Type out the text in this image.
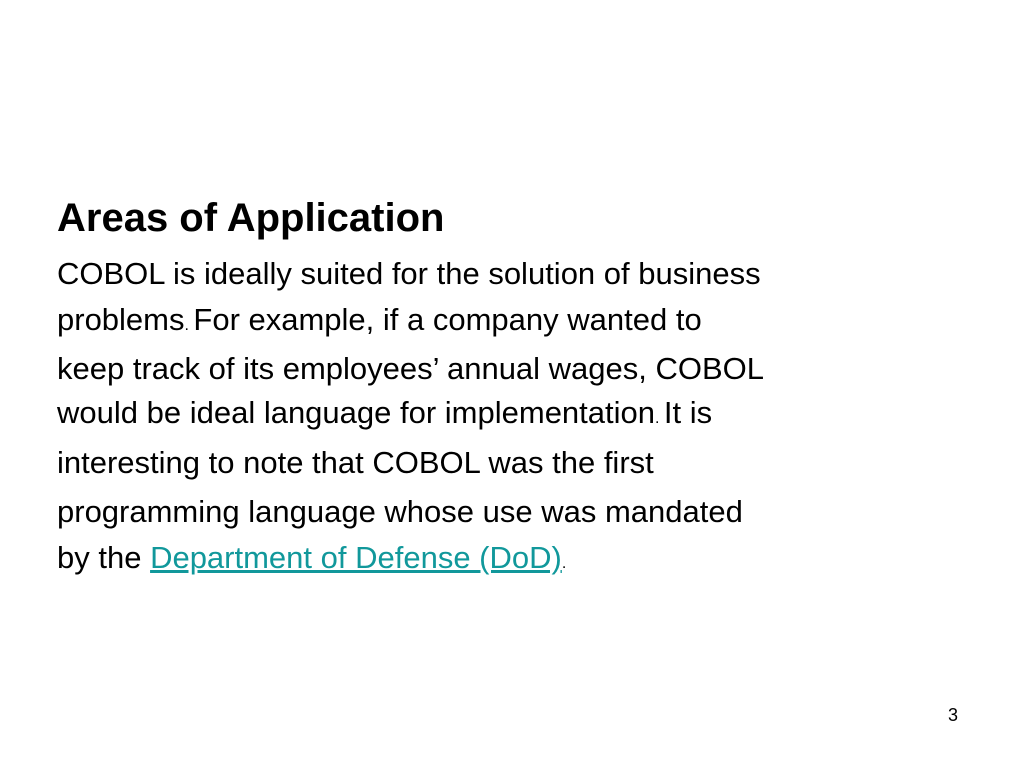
Areas of Application
COBOL is ideally suited for the solution of business
problems. For example, if a company wanted to
keep track of its employees’ annual wages, COBOL
would be ideal language for implementation. It is
interesting to note that COBOL was the first
programming language whose use was mandated
by the Department of Defense (DoD).
3
